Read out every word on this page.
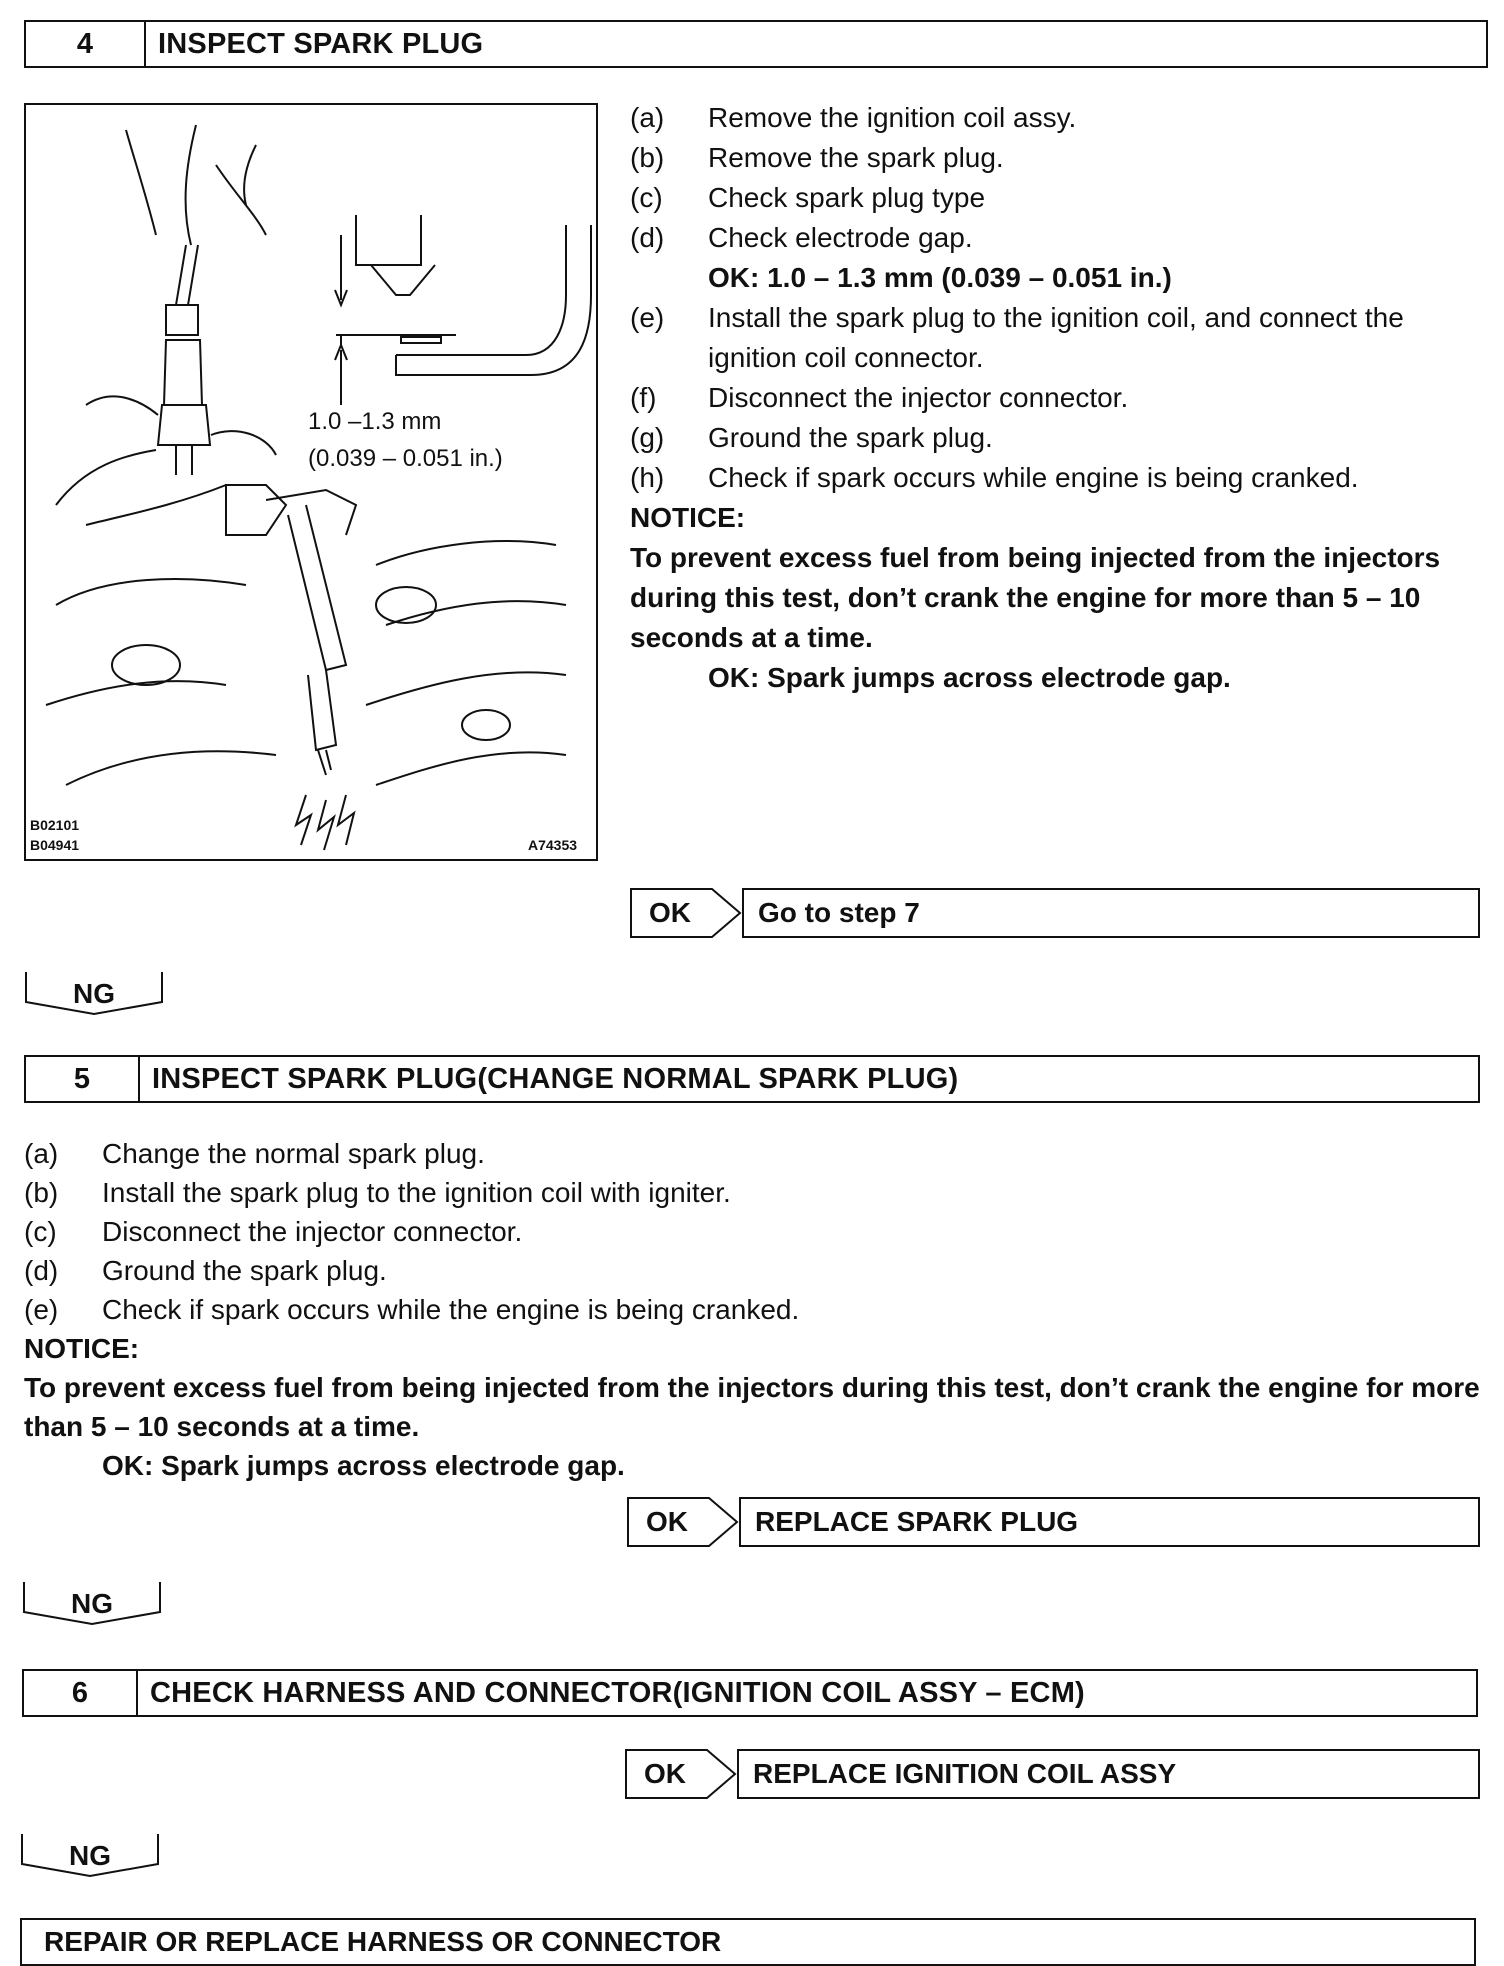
4	INSPECT SPARK PLUG
1.0 –1.3 mm
(0.039 – 0.051 in.)
B02101
B04941	A74353
(a)	Remove the ignition coil assy.
(b)	Remove the spark plug.
(c)	Check spark plug type
(d)	Check electrode gap.
OK: 1.0 – 1.3 mm (0.039 – 0.051 in.)
(e)	Install the spark plug to the ignition coil, and connect the ignition coil connector.
(f)	Disconnect the injector connector.
(g)	Ground the spark plug.
(h)	Check if spark occurs while engine is being cranked.
NOTICE:
To prevent excess fuel from being injected from the injectors during this test, don’t crank the engine for more than 5 – 10 seconds at a time.
OK: Spark jumps across electrode gap.
OK	Go to step 7
NG
5	INSPECT SPARK PLUG(CHANGE NORMAL SPARK PLUG)
(a)	Change the normal spark plug.
(b)	Install the spark plug to the ignition coil with igniter.
(c)	Disconnect the injector connector.
(d)	Ground the spark plug.
(e)	Check if spark occurs while the engine is being cranked.
NOTICE:
To prevent excess fuel from being injected from the injectors during this test, don’t crank the engine for more than 5 – 10 seconds at a time.
OK: Spark jumps across electrode gap.
OK	REPLACE SPARK PLUG
NG
6	CHECK HARNESS AND CONNECTOR(IGNITION COIL ASSY – ECM)
OK	REPLACE IGNITION COIL ASSY
NG
REPAIR OR REPLACE HARNESS OR CONNECTOR
